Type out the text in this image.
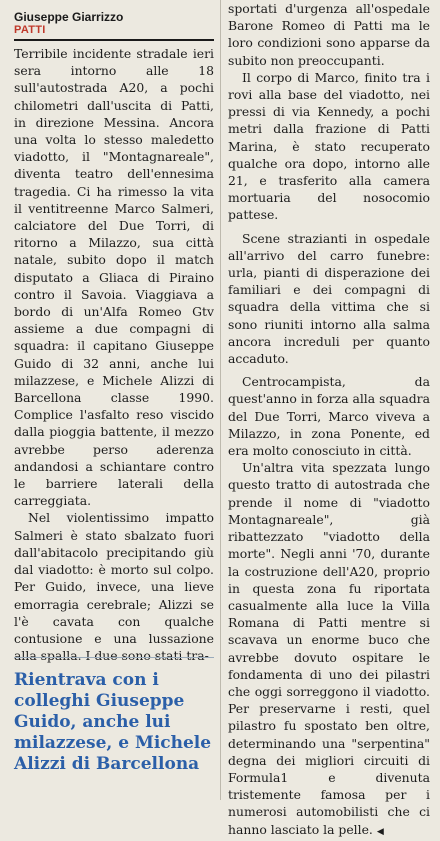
Giuseppe Giarrizzo

PATTI

Terribile incidente stradale ieri sera intorno alle 18 sull'autostrada A20, a pochi chilometri dall'uscita di Patti, in direzione Messina. Ancora una volta lo stesso maledetto viadotto, il "Montagnareale", diventa teatro dell'ennesima tragedia. Ci ha rimesso la vita il ventitreenne Marco Salmeri, calciatore del Due Torri, di ritorno a Milazzo, sua città natale, subito dopo il match disputato a Gliaca di Piraino contro il Savoia. Viaggiava a bordo di un'Alfa Romeo Gtv assieme a due compagni di squadra: il capitano Giuseppe Guido di 32 anni, anche lui milazzese, e Michele Alizzi di Barcellona classe 1990. Complice l'asfalto reso viscido dalla pioggia battente, il mezzo avrebbe perso aderenza andandosi a schiantare contro le barriere laterali della carreggiata.

Nel violentissimo impatto Salmeri è stato sbalzato fuori dall'abitacolo precipitando giù dal viadotto: è morto sul colpo. Per Guido, invece, una lieve emorragia cerebrale; Alizzi se l'è cavata con qualche contusione e una lussazione alla spalla. I due sono stati tra-

sportati d'urgenza all'ospedale Barone Romeo di Patti ma le loro condizioni sono apparse da subito non preoccupanti.

Il corpo di Marco, finito tra i rovi alla base del viadotto, nei pressi di via Kennedy, a pochi metri dalla frazione di Patti Marina, è stato recuperato qualche ora dopo, intorno alle 21, e trasferito alla camera mortuaria del nosocomio pattese.

Scene strazianti in ospedale all'arrivo del carro funebre: urla, pianti di disperazione dei familiari e dei compagni di squadra della vittima che si sono riuniti intorno alla salma ancora increduli per quanto accaduto.

Centrocampista, da quest'anno in forza alla squadra del Due Torri, Marco viveva a Milazzo, in zona Ponente, ed era molto conosciuto in città.

Un'altra vita spezzata lungo questo tratto di autostrada che prende il nome di "viadotto Montagnareale", già ribattezzato "viadotto della morte". Negli anni '70, durante la costruzione dell'A20, proprio in questa zona fu riportata casualmente alla luce la Villa Romana di Patti mentre si scavava un enorme buco che avrebbe dovuto ospitare le fondamenta di uno dei pilastri che oggi sorreggono il viadotto. Per preservarne i resti, quel pilastro fu spostato ben oltre, determinando una "serpentina" degna dei migliori circuiti di Formula1 e divenuta tristemente famosa per i numerosi automobilisti che ci hanno lasciato la pelle. ◀

Rientrava con i colleghi Giuseppe Guido, anche lui milazzese, e Michele Alizzi di Barcellona
